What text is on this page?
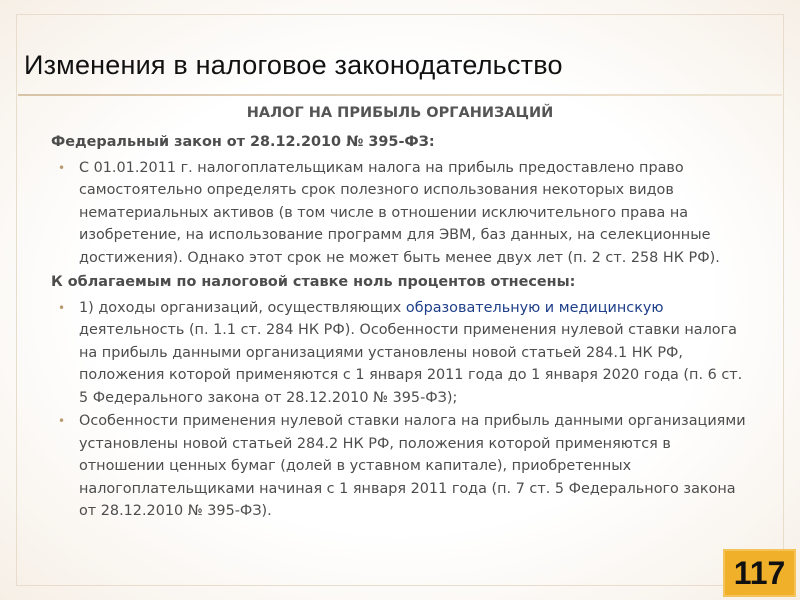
Изменения в налоговое законодательство
НАЛОГ НА ПРИБЫЛЬ ОРГАНИЗАЦИЙ
Федеральный закон от 28.12.2010 № 395-ФЗ:
• С 01.01.2011 г. налогоплательщикам налога на прибыль предоставлено право самостоятельно определять срок полезного использования некоторых видов нематериальных активов (в том числе в отношении исключительного права на изобретение, на использование программ для ЭВМ, баз данных, на селекционные достижения). Однако этот срок не может быть менее двух лет (п. 2 ст. 258 НК РФ).
К облагаемым по налоговой ставке ноль процентов отнесены:
• 1) доходы организаций, осуществляющих образовательную и медицинскую деятельность (п. 1.1 ст. 284 НК РФ). Особенности применения нулевой ставки налога на прибыль данными организациями установлены новой статьей 284.1 НК РФ, положения которой применяются с 1 января 2011 года до 1 января 2020 года (п. 6 ст. 5 Федерального закона от 28.12.2010 № 395-ФЗ);
• Особенности применения нулевой ставки налога на прибыль данными организациями установлены новой статьей 284.2 НК РФ, положения которой применяются в отношении ценных бумаг (долей в уставном капитале), приобретенных налогоплательщиками начиная с 1 января 2011 года (п. 7 ст. 5 Федерального закона от 28.12.2010 № 395-ФЗ).
117
